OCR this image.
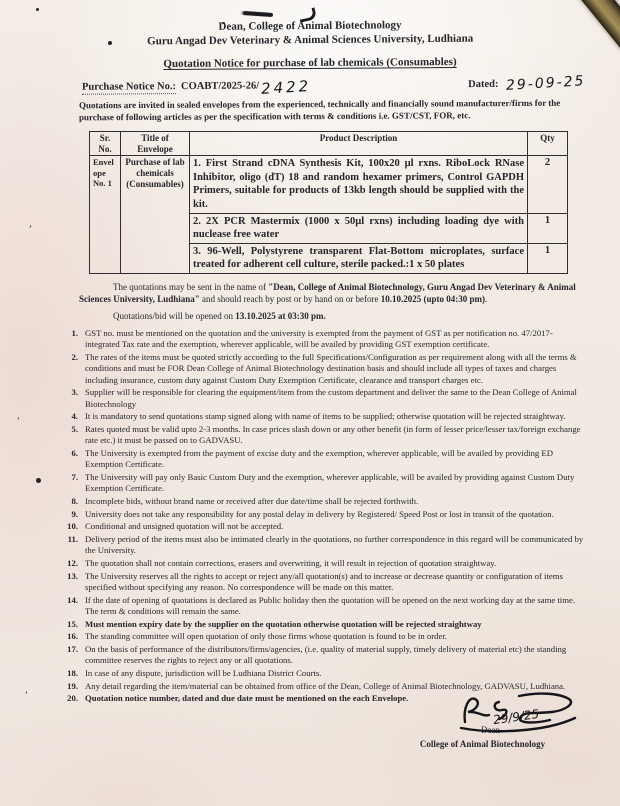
’
’
’
Dean, College of Animal Biotechnology
Guru Angad Dev Veterinary & Animal Sciences University, Ludhiana
Quotation Notice for purchase of lab chemicals (Consumables)
Purchase Notice No.: COABT/2025-26/ 2422	Dated: 29-09-25
Quotations are invited in sealed envelopes from the experienced, technically and financially sound manufacturer/firms for the purchase of following articles as per the specification with terms & conditions i.e. GST/CST, FOR, etc.
Sr. No.	Title of Envelope	Product Description	Qty
Envelope No. 1	Purchase of lab chemicals (Consumables)	1. First Strand cDNA Synthesis Kit, 100x20 µl rxns. RiboLock RNase Inhibitor, oligo (dT) 18 and random hexamer primers, Control GAPDH Primers, suitable for products of 13kb length should be supplied with the kit.	2
		2. 2X PCR Mastermix (1000 x 50µl rxns) including loading dye with nuclease free water	1
		3. 96-Well, Polystyrene transparent Flat-Bottom microplates, surface treated for adherent cell culture, sterile packed.:1 x 50 plates	1
The quotations may be sent in the name of "Dean, College of Animal Biotechnology, Guru Angad Dev Veterinary & Animal Sciences University, Ludhiana" and should reach by post or by hand on or before 10.10.2025 (upto 04:30 pm).
Quotations/bid will be opened on 13.10.2025 at 03:30 pm.
1. GST no. must be mentioned on the quotation and the university is exempted from the payment of GST as per notification no. 47/2017-integrated Tax rate and the exemption, wherever applicable, will be availed by providing GST exemption certificate.
2. The rates of the items must be quoted strictly according to the full Specifications/Configuration as per requirement along with all the terms & conditions and must be FOR Dean College of Animal Biotechnology destination basis and should include all types of taxes and charges including insurance, custom duty against Custom Duty Exemption Certificate, clearance and transport charges etc.
3. Supplier will be responsible for clearing the equipment/item from the custom department and deliver the same to the Dean College of Animal Biotechnology
4. It is mandatory to send quotations stamp signed along with name of items to be supplied; otherwise quotation will be rejected straightway.
5. Rates quoted must be valid upto 2-3 months. In case prices slash down or any other benefit (in form of lesser price/lesser tax/foreign exchange rate etc.) it must be passed on to GADVASU.
6. The University is exempted from the payment of excise duty and the exemption, wherever applicable, will be availed by providing ED Exemption Certificate.
7. The University will pay only Basic Custom Duty and the exemption, wherever applicable, will be availed by providing against Custom Duty Exemption Certificate.
8. Incomplete bids, without brand name or received after due date/time shall be rejected forthwith.
9. University does not take any responsibility for any postal delay in delivery by Registered/ Speed Post or lost in transit of the quotation.
10. Conditional and unsigned quotation will not be accepted.
11. Delivery period of the items must also be intimated clearly in the quotations, no further correspondence in this regard will be communicated by the University.
12. The quotation shall not contain corrections, erasers and overwriting, it will result in rejection of quotation straightway.
13. The University reserves all the rights to accept or reject any/all quotation(s) and to increase or decrease quantity or configuration of items specified without specifying any reason. No correspondence will be made on this matter.
14. If the date of opening of quotations is declared as Public holiday then the quotation will be opened on the next working day at the same time. The term & conditions will remain the same.
15. Must mention expiry date by the supplier on the quotation otherwise quotation will be rejected straightway
16. The standing committee will open quotation of only those firms whose quotation is found to be in order.
17. On the basis of performance of the distributors/firms/agencies, (i.e. quality of material supply, timely delivery of material etc) the standing committee reserves the rights to reject any or all quotations.
18. In case of any dispute, jurisdiction will be Ludhiana District Courts.
19. Any detail regarding the item/material can be obtained from office of the Dean, College of Animal Biotechnology, GADVASU, Ludhiana.
20. Quotation notice number, dated and due date must be mentioned on the each Envelope.
29/9/25
Dean
College of Animal Biotechnology
